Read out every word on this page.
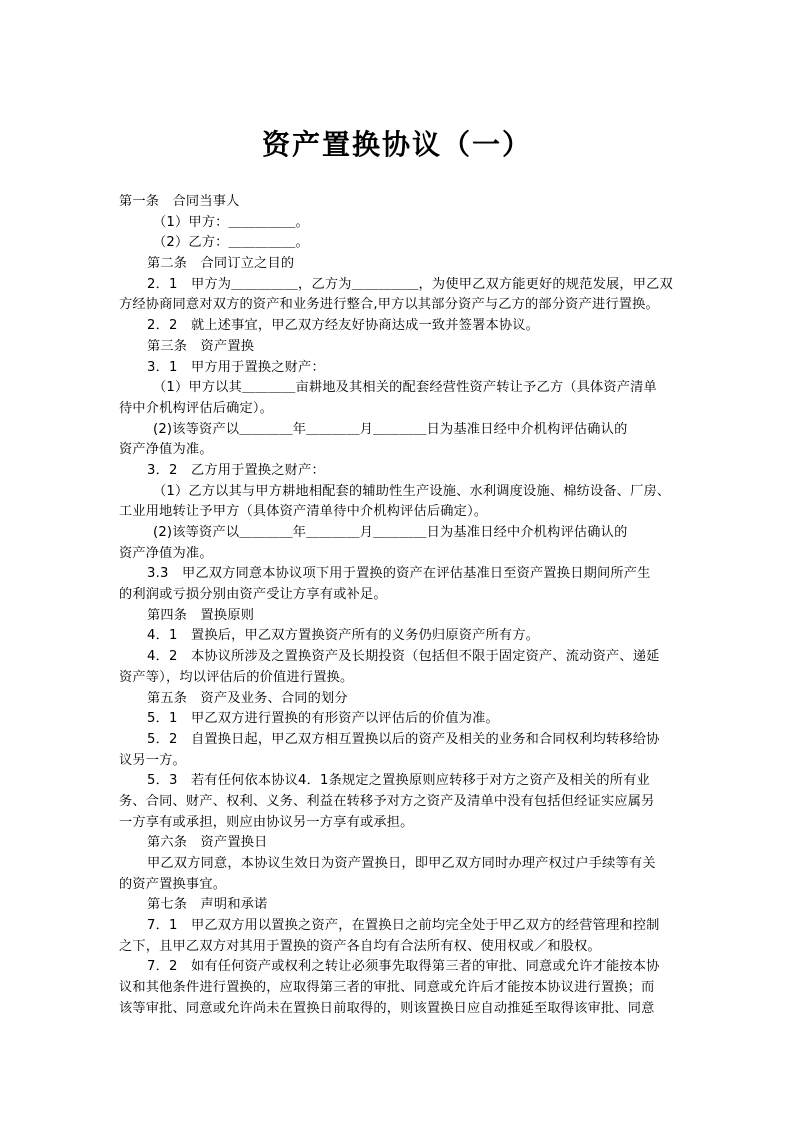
资产置换协议（一）
第一条　合同当事人
（1）甲方：＿＿＿＿＿。
（2）乙方：＿＿＿＿＿。
第二条　合同订立之目的
2．1　甲方为＿＿＿＿＿，乙方为＿＿＿＿＿，为使甲乙双方能更好的规范发展，甲乙双
方经协商同意对双方的资产和业务进行整合,甲方以其部分资产与乙方的部分资产进行置换。
2．2　就上述事宜，甲乙双方经友好协商达成一致并签署本协议。
第三条　资产置换
3．1　甲方用于置换之财产：
（1）甲方以其＿＿＿＿亩耕地及其相关的配套经营性资产转让予乙方（具体资产清单
待中介机构评估后确定）。
(2)该等资产以＿＿＿＿年＿＿＿＿月＿＿＿＿日为基准日经中介机构评估确认的
资产净值为准。
3．2　乙方用于置换之财产：
（1）乙方以其与甲方耕地相配套的辅助性生产设施、水利调度设施、棉纺设备、厂房、
工业用地转让予甲方（具体资产清单待中介机构评估后确定）。
(2)该等资产以＿＿＿＿年＿＿＿＿月＿＿＿＿日为基准日经中介机构评估确认的
资产净值为准。
3.3　甲乙双方同意本协议项下用于置换的资产在评估基准日至资产置换日期间所产生
的利润或亏损分别由资产受让方享有或补足。
第四条　置换原则
4．1　置换后，甲乙双方置换资产所有的义务仍归原资产所有方。
4．2　本协议所涉及之置换资产及长期投资（包括但不限于固定资产、流动资产、递延
资产等），均以评估后的价值进行置换。
第五条　资产及业务、合同的划分
5．1　甲乙双方进行置换的有形资产以评估后的价值为准。
5．2　自置换日起，甲乙双方相互置换以后的资产及相关的业务和合同权利均转移给协
议另一方。
5．3　若有任何依本协议4．1条规定之置换原则应转移于对方之资产及相关的所有业
务、合同、财产、权利、义务、利益在转移予对方之资产及清单中没有包括但经证实应属另
一方享有或承担，则应由协议另一方享有或承担。
第六条　资产置换日
甲乙双方同意，本协议生效日为资产置换日，即甲乙双方同时办理产权过户手续等有关
的资产置换事宜。
第七条　声明和承诺
7．1　甲乙双方用以置换之资产，在置换日之前均完全处于甲乙双方的经营管理和控制
之下，且甲乙双方对其用于置换的资产各自均有合法所有权、使用权或／和股权。
7．2　如有任何资产或权利之转让必须事先取得第三者的审批、同意或允许才能按本协
议和其他条件进行置换的，应取得第三者的审批、同意或允许后才能按本协议进行置换；而
该等审批、同意或允许尚未在置换日前取得的，则该置换日应自动推延至取得该审批、同意
